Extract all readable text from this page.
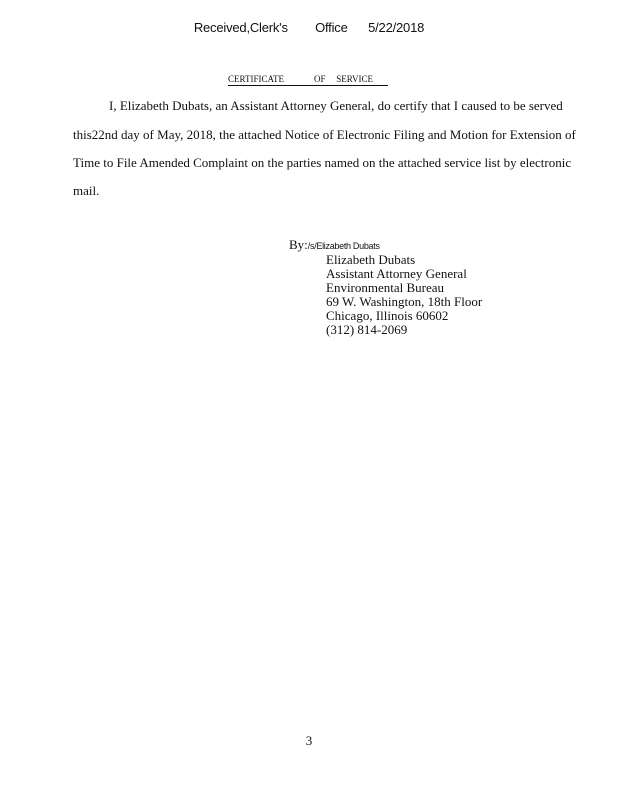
Received,Clerk's Office 5/22/2018
CERTIFICATE	OF SERVICE
I, Elizabeth Dubats, an Assistant Attorney General, do certify that I caused to be served
this22nd day of May, 2018, the attached Notice of Electronic Filing and Motion for Extension of
Time to File Amended Complaint on the parties named on the attached service list by electronic
mail.
By:/s/Elizabeth Dubats
Elizabeth Dubats
Assistant Attorney General
Environmental Bureau
69 W. Washington, 18th Floor
Chicago, Illinois 60602
(312) 814-2069
3
